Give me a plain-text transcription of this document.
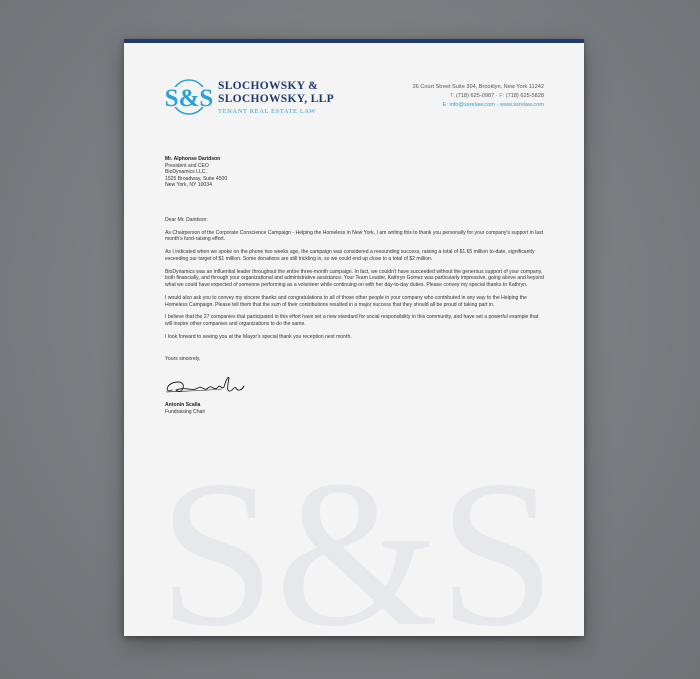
S&S
S&S SLOCHOWSKY &
SLOCHOWSKY, LLP
TENANT REAL ESTATE LAW
26 Court Street Suite 304, Brooklyn, New York 11242
T: (718) 625-0987 · F: (718) 625-5828
E: info@ssrelaw.com · www.ssrelaw.com
Mr. Alphonse Daridson
President and CEO
BioDynamics LLC.
1525 Broadway, Suite 4500
New York, NY 10034
Dear Mr. Daridson:

As Chairperson of the Corporate Conscience Campaign - Helping the Homeless in New York, I am writing this to thank you personally for your company's support in last month's fund-raising effort.

As I indicated when we spoke on the phone two weeks ago, the campaign was considered a resounding success, raising a total of $1.65 million to-date, significantly exceeding our target of $1 million. Some donations are still trickling in, so we could end up close to a total of $2 million.

BioDynamics was an influential leader throughout the entire three-month campaign. In fact, we couldn't have succeeded without the generous support of your company, both financially, and through your organizational and administrative assistance. Your Team Leader, Kathryn Gomez was particularly impressive, going above and beyond what we could have expected of someone performing as a volunteer while continuing on with her day-to-day duties. Please convey my special thanks to Kathryn.

I would also ask you to convey my sincere thanks and congratulations to all of those other people in your company who contributed in any way to the Helping the Homeless Campaign. Please tell them that the sum of their contributions resulted in a major success that they should all be proud of taking part in.

I believe that the 27 companies that participated in this effort have set a new standard for social responsibility in this community, and have set a powerful example that will inspire other companies and organizations to do the same.

I look forward to seeing you at the Mayor's special thank you reception next month.

Yours sincerely,
Antonin Scalia
Fundraising Chair
